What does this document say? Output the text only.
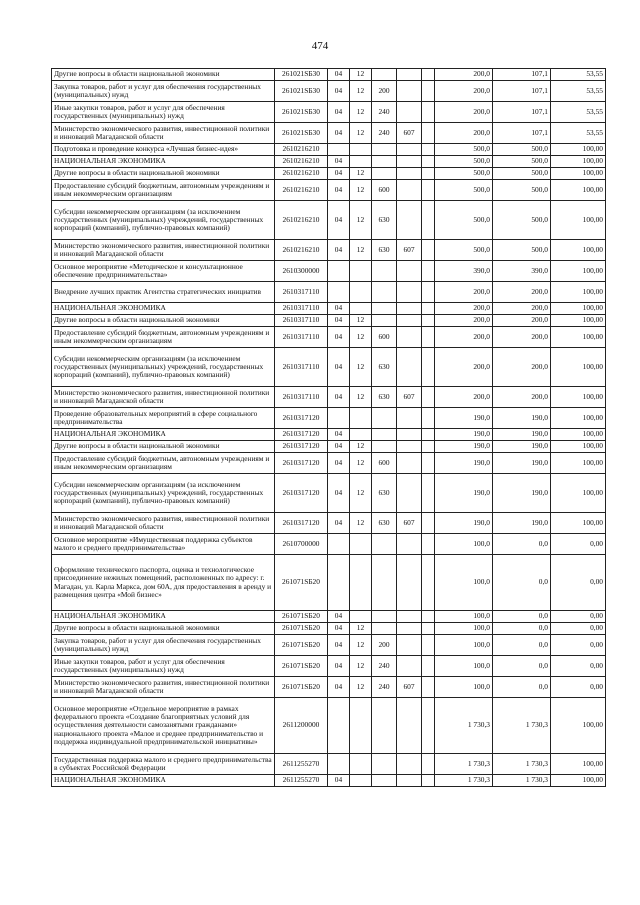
474
Другие вопросы в области национальной экономики	261021SБ30	04	12				200,0	107,1	53,55
Закупка товаров, работ и услуг для обеспечения государственных (муниципальных) нужд	261021SБ30	04	12	200			200,0	107,1	53,55
Иные закупки товаров, работ и услуг для обеспечения государственных (муниципальных) нужд	261021SБ30	04	12	240			200,0	107,1	53,55
Министерство экономического развития, инвестиционной политики и инноваций Магаданской области	261021SБ30	04	12	240	607		200,0	107,1	53,55
Подготовка и проведение конкурса «Лучшая бизнес-идея»	2610216210						500,0	500,0	100,00
НАЦИОНАЛЬНАЯ ЭКОНОМИКА	2610216210	04					500,0	500,0	100,00
Другие вопросы в области национальной экономики	2610216210	04	12				500,0	500,0	100,00
Предоставление субсидий бюджетным, автономным учреждениям и иным некоммерческим организациям	2610216210	04	12	600			500,0	500,0	100,00
Субсидии некоммерческим организациям (за исключением государственных (муниципальных) учреждений, государственных корпораций (компаний), публично-правовых компаний)	2610216210	04	12	630			500,0	500,0	100,00
Министерство экономического развития, инвестиционной политики и инноваций Магаданской области	2610216210	04	12	630	607		500,0	500,0	100,00
Основное мероприятие «Методическое и консультационное обеспечение предпринимательства»	2610300000						390,0	390,0	100,00
Внедрение лучших практик Агентства стратегических инициатив	2610317110						200,0	200,0	100,00
НАЦИОНАЛЬНАЯ ЭКОНОМИКА	2610317110	04					200,0	200,0	100,00
Другие вопросы в области национальной экономики	2610317110	04	12				200,0	200,0	100,00
Предоставление субсидий бюджетным, автономным учреждениям и иным некоммерческим организациям	2610317110	04	12	600			200,0	200,0	100,00
Субсидии некоммерческим организациям (за исключением государственных (муниципальных) учреждений, государственных корпораций (компаний), публично-правовых компаний)	2610317110	04	12	630			200,0	200,0	100,00
Министерство экономического развития, инвестиционной политики и инноваций Магаданской области	2610317110	04	12	630	607		200,0	200,0	100,00
Проведение образовательных мероприятий в сфере социального предпринимательства	2610317120						190,0	190,0	100,00
НАЦИОНАЛЬНАЯ ЭКОНОМИКА	2610317120	04					190,0	190,0	100,00
Другие вопросы в области национальной экономики	2610317120	04	12				190,0	190,0	100,00
Предоставление субсидий бюджетным, автономным учреждениям и иным некоммерческим организациям	2610317120	04	12	600			190,0	190,0	100,00
Субсидии некоммерческим организациям (за исключением государственных (муниципальных) учреждений, государственных корпораций (компаний), публично-правовых компаний)	2610317120	04	12	630			190,0	190,0	100,00
Министерство экономического развития, инвестиционной политики и инноваций Магаданской области	2610317120	04	12	630	607		190,0	190,0	100,00
Основное мероприятие «Имущественная поддержка субъектов малого и среднего предпринимательства»	2610700000						100,0	0,0	0,00
Оформление технического паспорта, оценка и технологическое присоединение нежилых помещений, расположенных по адресу: г. Магадан, ул. Карла Маркса, дом 60А, для предоставления в аренду и размещения центра «Мой бизнес»	261071SБ20						100,0	0,0	0,00
НАЦИОНАЛЬНАЯ ЭКОНОМИКА	261071SБ20	04					100,0	0,0	0,00
Другие вопросы в области национальной экономики	261071SБ20	04	12				100,0	0,0	0,00
Закупка товаров, работ и услуг для обеспечения государственных (муниципальных) нужд	261071SБ20	04	12	200			100,0	0,0	0,00
Иные закупки товаров, работ и услуг для обеспечения государственных (муниципальных) нужд	261071SБ20	04	12	240			100,0	0,0	0,00
Министерство экономического развития, инвестиционной политики и инноваций Магаданской области	261071SБ20	04	12	240	607		100,0	0,0	0,00
Основное мероприятие «Отдельное мероприятие в рамках федерального проекта «Создание благоприятных условий для осуществления деятельности самозанятыми гражданами» национального проекта «Малое и среднее предпринимательство и поддержка индивидуальной предпринимательской инициативы»	2611200000						1 730,3	1 730,3	100,00
Государственная поддержка малого и среднего предпринимательства в субъектах Российской Федерации	2611255270						1 730,3	1 730,3	100,00
НАЦИОНАЛЬНАЯ ЭКОНОМИКА	2611255270	04					1 730,3	1 730,3	100,00
